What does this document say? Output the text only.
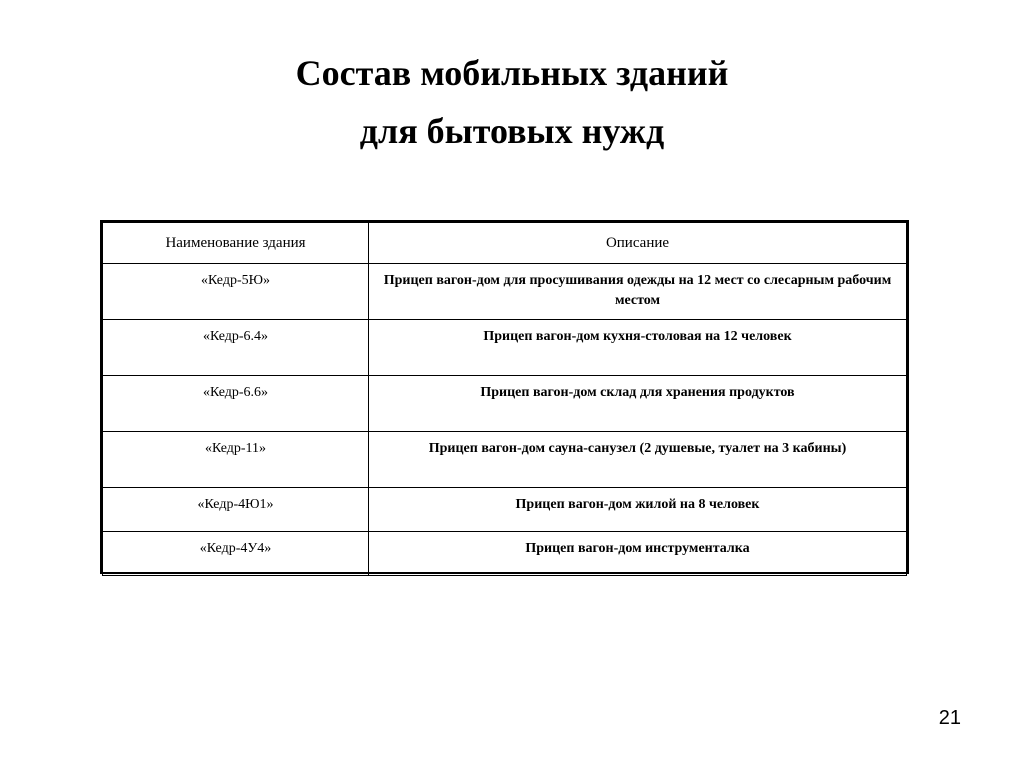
Состав мобильных зданий
для бытовых нужд
Наименование здания	Описание
«Кедр-5Ю»	Прицеп вагон-дом для просушивания одежды на 12 мест со слесарным рабочим местом
«Кедр-6.4»	Прицеп вагон-дом кухня-столовая на 12 человек
«Кедр-6.6»	Прицеп вагон-дом склад для хранения продуктов
«Кедр-11»	Прицеп вагон-дом сауна-санузел (2 душевые, туалет на 3 кабины)
«Кедр-4Ю1»	Прицеп вагон-дом жилой на 8 человек
«Кедр-4У4»	Прицеп вагон-дом инструменталка
21
